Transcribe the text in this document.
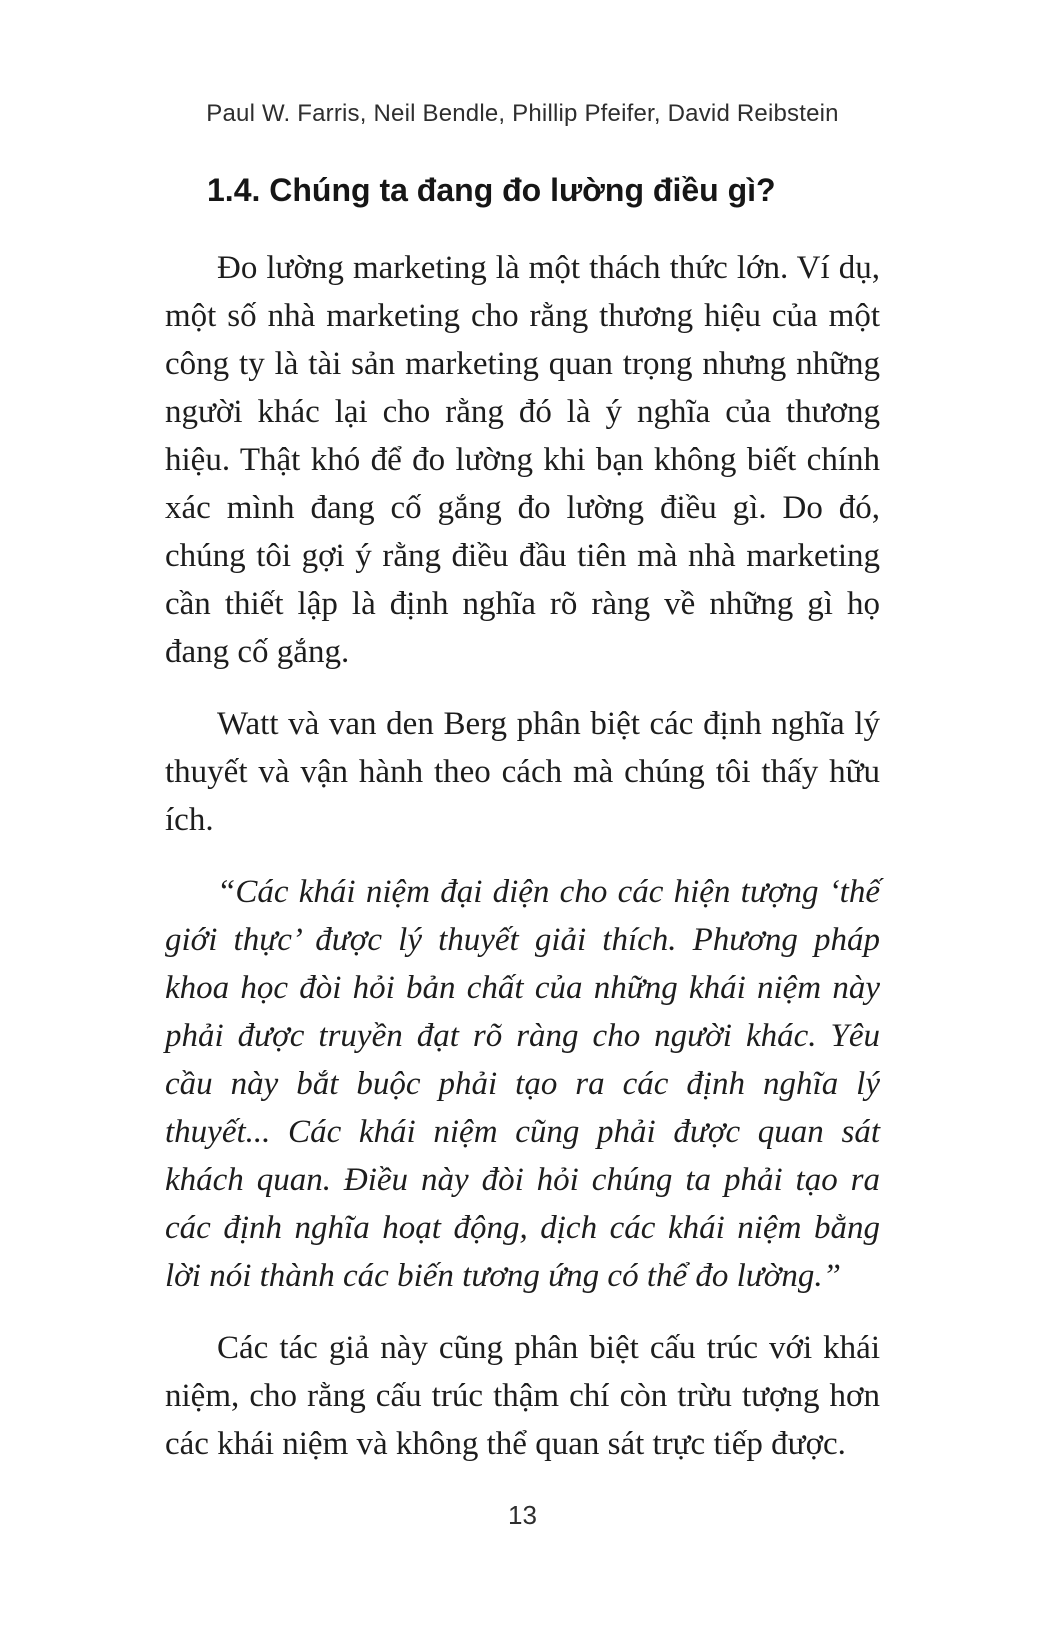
Paul W. Farris, Neil Bendle, Phillip Pfeifer, David Reibstein
1.4. Chúng ta đang đo lường điều gì?

Đo lường marketing là một thách thức lớn. Ví dụ, một số nhà marketing cho rằng thương hiệu của một công ty là tài sản marketing quan trọng nhưng những người khác lại cho rằng đó là ý nghĩa của thương hiệu. Thật khó để đo lường khi bạn không biết chính xác mình đang cố gắng đo lường điều gì. Do đó, chúng tôi gợi ý rằng điều đầu tiên mà nhà marketing cần thiết lập là định nghĩa rõ ràng về những gì họ đang cố gắng.

Watt và van den Berg phân biệt các định nghĩa lý thuyết và vận hành theo cách mà chúng tôi thấy hữu ích.

“Các khái niệm đại diện cho các hiện tượng ‘thế giới thực’ được lý thuyết giải thích. Phương pháp khoa học đòi hỏi bản chất của những khái niệm này phải được truyền đạt rõ ràng cho người khác. Yêu cầu này bắt buộc phải tạo ra các định nghĩa lý thuyết... Các khái niệm cũng phải được quan sát khách quan. Điều này đòi hỏi chúng ta phải tạo ra các định nghĩa hoạt động, dịch các khái niệm bằng lời nói thành các biến tương ứng có thể đo lường.”

Các tác giả này cũng phân biệt cấu trúc với khái niệm, cho rằng cấu trúc thậm chí còn trừu tượng hơn các khái niệm và không thể quan sát trực tiếp được.

13
